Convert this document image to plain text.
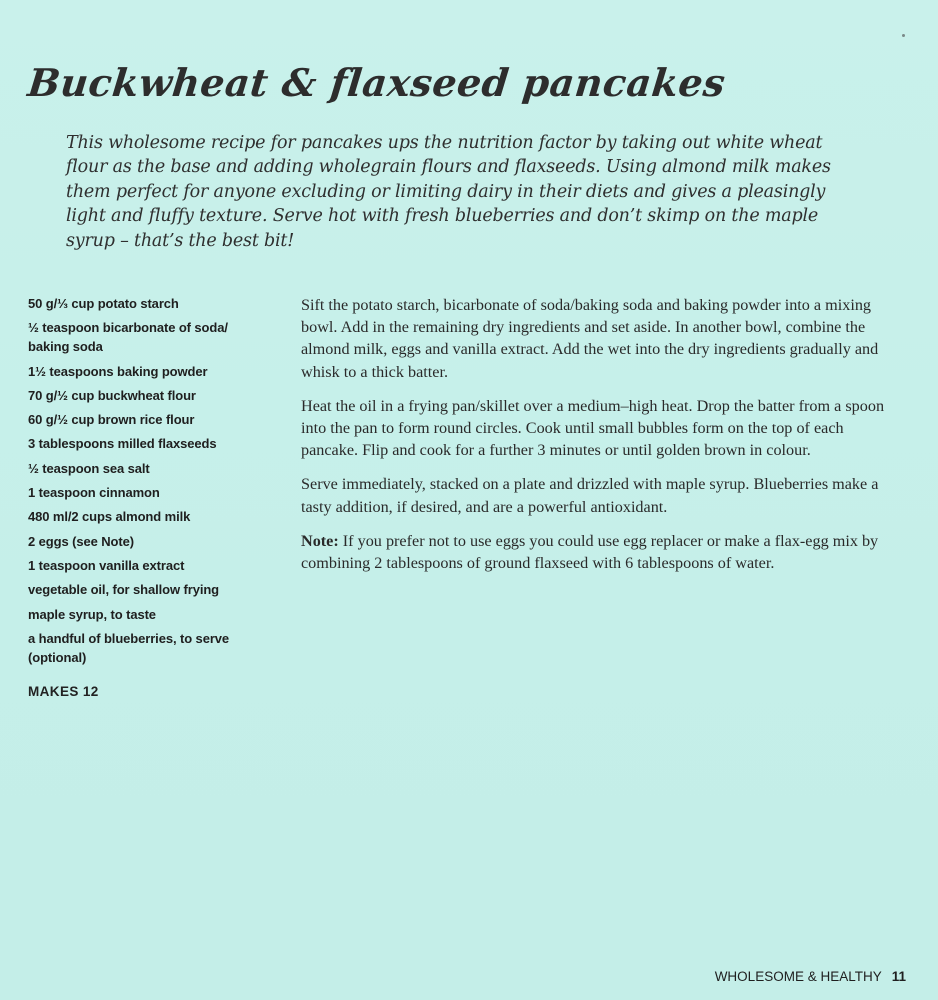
Buckwheat & flaxseed pancakes

This wholesome recipe for pancakes ups the nutrition factor by taking out white wheat flour as the base and adding wholegrain flours and flaxseeds. Using almond milk makes them perfect for anyone excluding or limiting dairy in their diets and gives a pleasingly light and fluffy texture. Serve hot with fresh blueberries and don’t skimp on the maple syrup – that’s the best bit!

50 g/⅓ cup potato starch
½ teaspoon bicarbonate of soda/ baking soda
1½ teaspoons baking powder
70 g/½ cup buckwheat flour
60 g/½ cup brown rice flour
3 tablespoons milled flaxseeds
½ teaspoon sea salt
1 teaspoon cinnamon
480 ml/2 cups almond milk
2 eggs (see Note)
1 teaspoon vanilla extract
vegetable oil, for shallow frying
maple syrup, to taste
a handful of blueberries, to serve (optional)

MAKES 12

Sift the potato starch, bicarbonate of soda/baking soda and baking powder into a mixing bowl. Add in the remaining dry ingredients and set aside. In another bowl, combine the almond milk, eggs and vanilla extract. Add the wet into the dry ingredients gradually and whisk to a thick batter.

Heat the oil in a frying pan/skillet over a medium–high heat. Drop the batter from a spoon into the pan to form round circles. Cook until small bubbles form on the top of each pancake. Flip and cook for a further 3 minutes or until golden brown in colour.

Serve immediately, stacked on a plate and drizzled with maple syrup. Blueberries make a tasty addition, if desired, and are a powerful antioxidant.

Note: If you prefer not to use eggs you could use egg replacer or make a flax-egg mix by combining 2 tablespoons of ground flaxseed with 6 tablespoons of water.

WHOLESOME & HEALTHY 11
